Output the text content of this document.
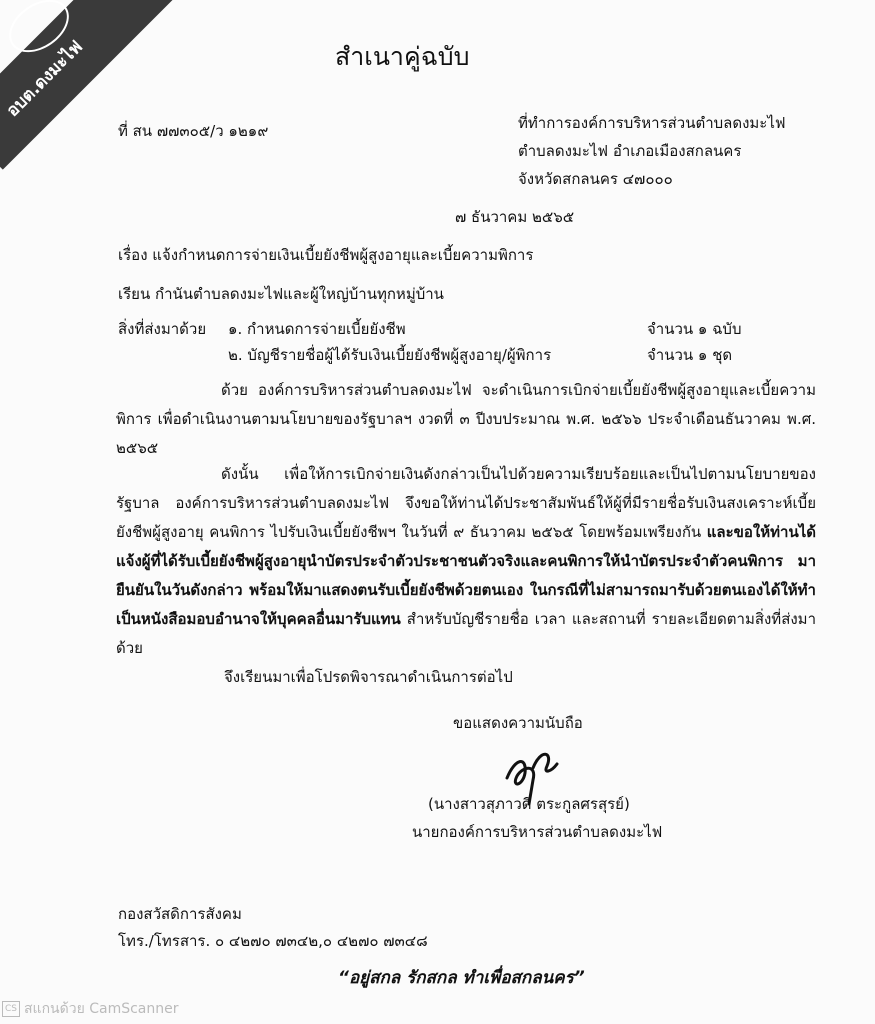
อบต.ดงมะไฟ	สำเนาคู่ฉบับ
ที่ สน ๗๗๓๐๕/ว ๑๒๑๙	ที่ทำการองค์การบริหารส่วนตำบลดงมะไฟ
ตำบลดงมะไฟ อำเภอเมืองสกลนคร
จังหวัดสกลนคร ๔๗๐๐๐
๗ ธันวาคม ๒๕๖๕
เรื่อง แจ้งกำหนดการจ่ายเงินเบี้ยยังชีพผู้สูงอายุและเบี้ยความพิการ
เรียน กำนันตำบลดงมะไฟและผู้ใหญ่บ้านทุกหมู่บ้าน
สิ่งที่ส่งมาด้วย ๑. กำหนดการจ่ายเบี้ยยังชีพ	จำนวน ๑ ฉบับ
๒. บัญชีรายชื่อผู้ได้รับเงินเบี้ยยังชีพผู้สูงอายุ/ผู้พิการ	จำนวน ๑ ชุด
ด้วย องค์การบริหารส่วนตำบลดงมะไฟ จะดำเนินการเบิกจ่ายเบี้ยยังชีพผู้สูงอายุและเบี้ยความพิการ เพื่อดำเนินงานตามนโยบายของรัฐบาลฯ งวดที่ ๓ ปีงบประมาณ พ.ศ. ๒๕๖๖ ประจำเดือนธันวาคม พ.ศ. ๒๕๖๕
ดังนั้น เพื่อให้การเบิกจ่ายเงินดังกล่าวเป็นไปด้วยความเรียบร้อยและเป็นไปตามนโยบายของรัฐบาล องค์การบริหารส่วนตำบลดงมะไฟ จึงขอให้ท่านได้ประชาสัมพันธ์ให้ผู้ที่มีรายชื่อรับเงินสงเคราะห์เบี้ยยังชีพผู้สูงอายุ คนพิการ ไปรับเงินเบี้ยยังชีพฯ ในวันที่ ๙ ธันวาคม ๒๕๖๕ โดยพร้อมเพรียงกัน และขอให้ท่านได้แจ้งผู้ที่ได้รับเบี้ยยังชีพผู้สูงอายุนำบัตรประจำตัวประชาชนตัวจริงและคนพิการให้นำบัตรประจำตัวคนพิการ มายืนยันในวันดังกล่าว พร้อมให้มาแสดงตนรับเบี้ยยังชีพด้วยตนเอง ในกรณีที่ไม่สามารถมารับด้วยตนเองได้ให้ทำเป็นหนังสือมอบอำนาจให้บุคคลอื่นมารับแทน สำหรับบัญชีรายชื่อ เวลา และสถานที่ รายละเอียดตามสิ่งที่ส่งมาด้วย
จึงเรียนมาเพื่อโปรดพิจารณาดำเนินการต่อไป
ขอแสดงความนับถือ
(นางสาวสุภาวดี ตระกูลศรสุรย์)
นายกองค์การบริหารส่วนตำบลดงมะไฟ
กองสวัสดิการสังคม
โทร./โทรสาร. ๐ ๔๒๗๐ ๗๓๔๒,๐ ๔๒๗๐ ๗๓๔๘
“อยู่สกล รักสกล ทำเพื่อสกลนคร”
CS สแกนด้วย CamScanner
